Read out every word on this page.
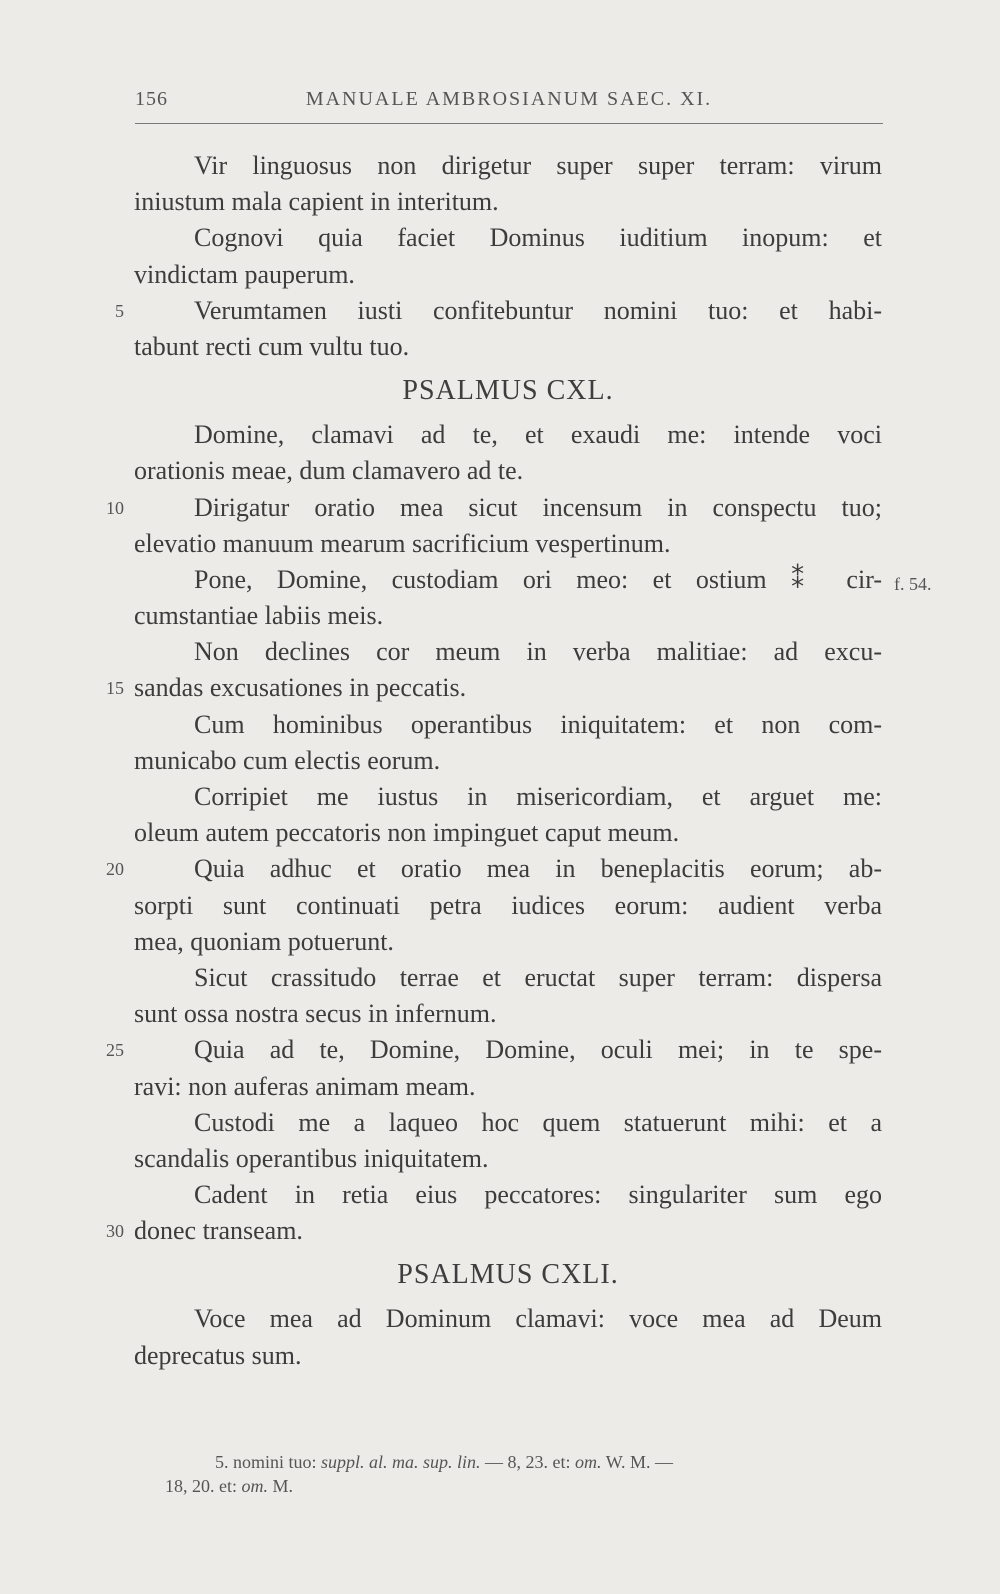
156	MANUALE AMBROSIANUM SAEC. XI.
Vir linguosus non dirigetur super super terram: virum
iniustum mala capient in interitum.
Cognovi quia faciet Dominus iuditium inopum: et
vindictam pauperum.
Verumtamen iusti confitebuntur nomini tuo: et habi-
5
tabunt recti cum vultu tuo.
PSALMUS CXL.
Domine, clamavi ad te, et exaudi me: intende voci
orationis meae, dum clamavero ad te.
Dirigatur oratio mea sicut incensum in conspectu tuo;
10
elevatio manuum mearum sacrificium vespertinum.
Pone, Domine, custodiam ori meo: et ostium ⁑ cir- f. 54.
cumstantiae labiis meis.
Non declines cor meum in verba malitiae: ad excu-
sandas excusationes in peccatis.
15
Cum hominibus operantibus iniquitatem: et non com-
municabo cum electis eorum.
Corripiet me iustus in misericordiam, et arguet me:
oleum autem peccatoris non impinguet caput meum.
Quia adhuc et oratio mea in beneplacitis eorum; ab-
20
sorpti sunt continuati petra iudices eorum: audient verba
mea, quoniam potuerunt.
Sicut crassitudo terrae et eructat super terram: dispersa
sunt ossa nostra secus in infernum.
Quia ad te, Domine, Domine, oculi mei; in te spe-
25
ravi: non auferas animam meam.
Custodi me a laqueo hoc quem statuerunt mihi: et a
scandalis operantibus iniquitatem.
Cadent in retia eius peccatores: singulariter sum ego
donec transeam.
30
PSALMUS CXLI.
Voce mea ad Dominum clamavi: voce mea ad Deum
deprecatus sum.
5. nomini tuo: suppl. al. ma. sup. lin. — 8, 23. et: om. W. M. —
18, 20. et: om. M.
